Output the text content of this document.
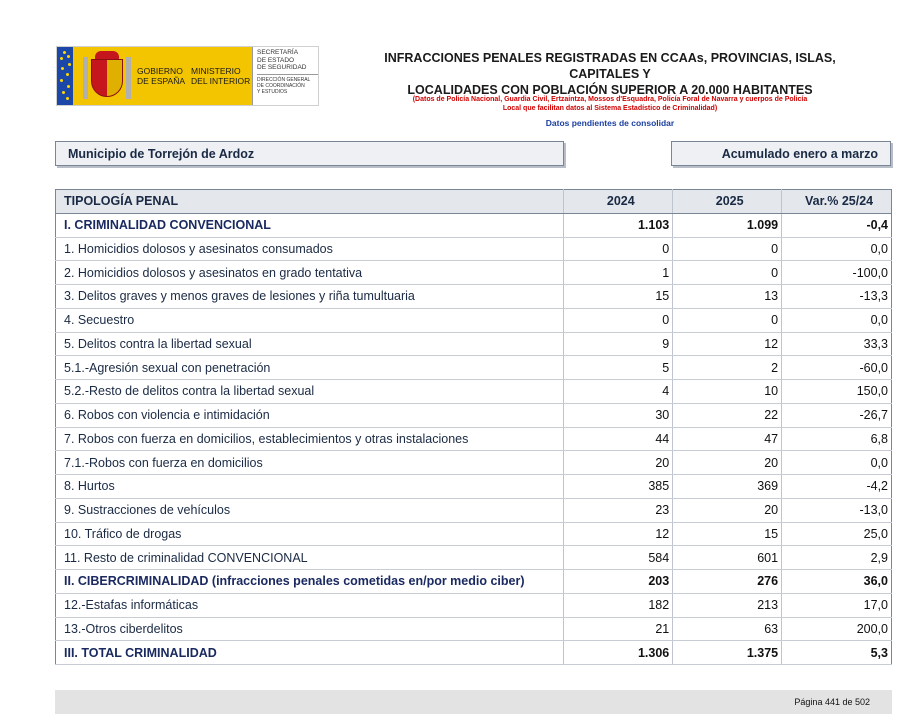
GOBIERNO
DE ESPAÑA
MINISTERIO
DEL INTERIOR
SECRETARÍA
DE ESTADO
DE SEGURIDAD
DIRECCIÓN GENERAL
DE COORDINACIÓN
Y ESTUDIOS
INFRACCIONES PENALES REGISTRADAS EN CCAAs, PROVINCIAS, ISLAS, CAPITALES Y
LOCALIDADES CON POBLACIÓN SUPERIOR A 20.000 HABITANTES
(Datos de Policía Nacional, Guardia Civil, Ertzaintza, Mossos d'Esquadra, Policía Foral de Navarra y cuerpos de Policía
Local que facilitan datos al Sistema Estadístico de Criminalidad)
Datos pendientes de consolidar
Municipio de Torrejón de Ardoz	Acumulado enero a marzo
TIPOLOGÍA PENAL	2024	2025	Var.% 25/24
I. CRIMINALIDAD CONVENCIONAL	1.103	1.099	-0,4
1. Homicidios dolosos y asesinatos consumados	0	0	0,0
2. Homicidios dolosos y asesinatos en grado tentativa	1	0	-100,0
3. Delitos graves y menos graves de lesiones y riña tumultuaria	15	13	-13,3
4. Secuestro	0	0	0,0
5. Delitos contra la libertad sexual	9	12	33,3
5.1.-Agresión sexual con penetración	5	2	-60,0
5.2.-Resto de delitos contra la libertad sexual	4	10	150,0
6. Robos con violencia e intimidación	30	22	-26,7
7. Robos con fuerza en domicilios, establecimientos y otras instalaciones	44	47	6,8
7.1.-Robos con fuerza en domicilios	20	20	0,0
8. Hurtos	385	369	-4,2
9. Sustracciones de vehículos	23	20	-13,0
10. Tráfico de drogas	12	15	25,0
11. Resto de criminalidad CONVENCIONAL	584	601	2,9
II. CIBERCRIMINALIDAD (infracciones penales cometidas en/por medio ciber)	203	276	36,0
12.-Estafas informáticas	182	213	17,0
13.-Otros ciberdelitos	21	63	200,0
III. TOTAL CRIMINALIDAD	1.306	1.375	5,3
Página 441 de 502
